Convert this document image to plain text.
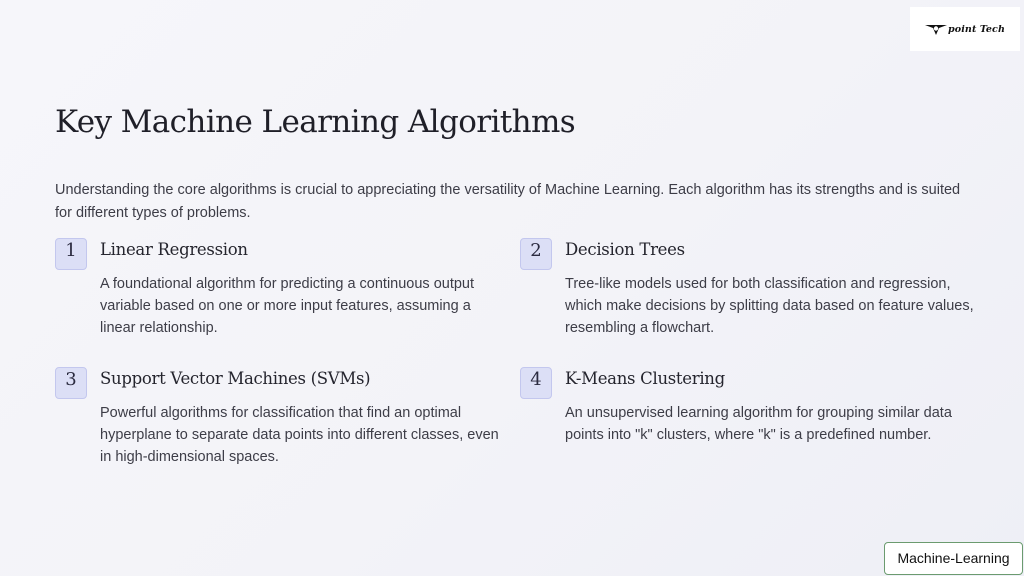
point Tech
Key Machine Learning Algorithms

Understanding the core algorithms is crucial to appreciating the versatility of Machine Learning. Each algorithm has its strengths and is suited for different types of problems.

1	Linear Regression

A foundational algorithm for predicting a continuous output variable based on one or more input features, assuming a linear relationship.

2	Decision Trees

Tree-like models used for both classification and regression, which make decisions by splitting data based on feature values, resembling a flowchart.

3	Support Vector Machines (SVMs)

Powerful algorithms for classification that find an optimal hyperplane to separate data points into different classes, even in high-dimensional spaces.

4	K-Means Clustering

An unsupervised learning algorithm for grouping similar data points into "k" clusters, where "k" is a predefined number.

Machine-Learning
